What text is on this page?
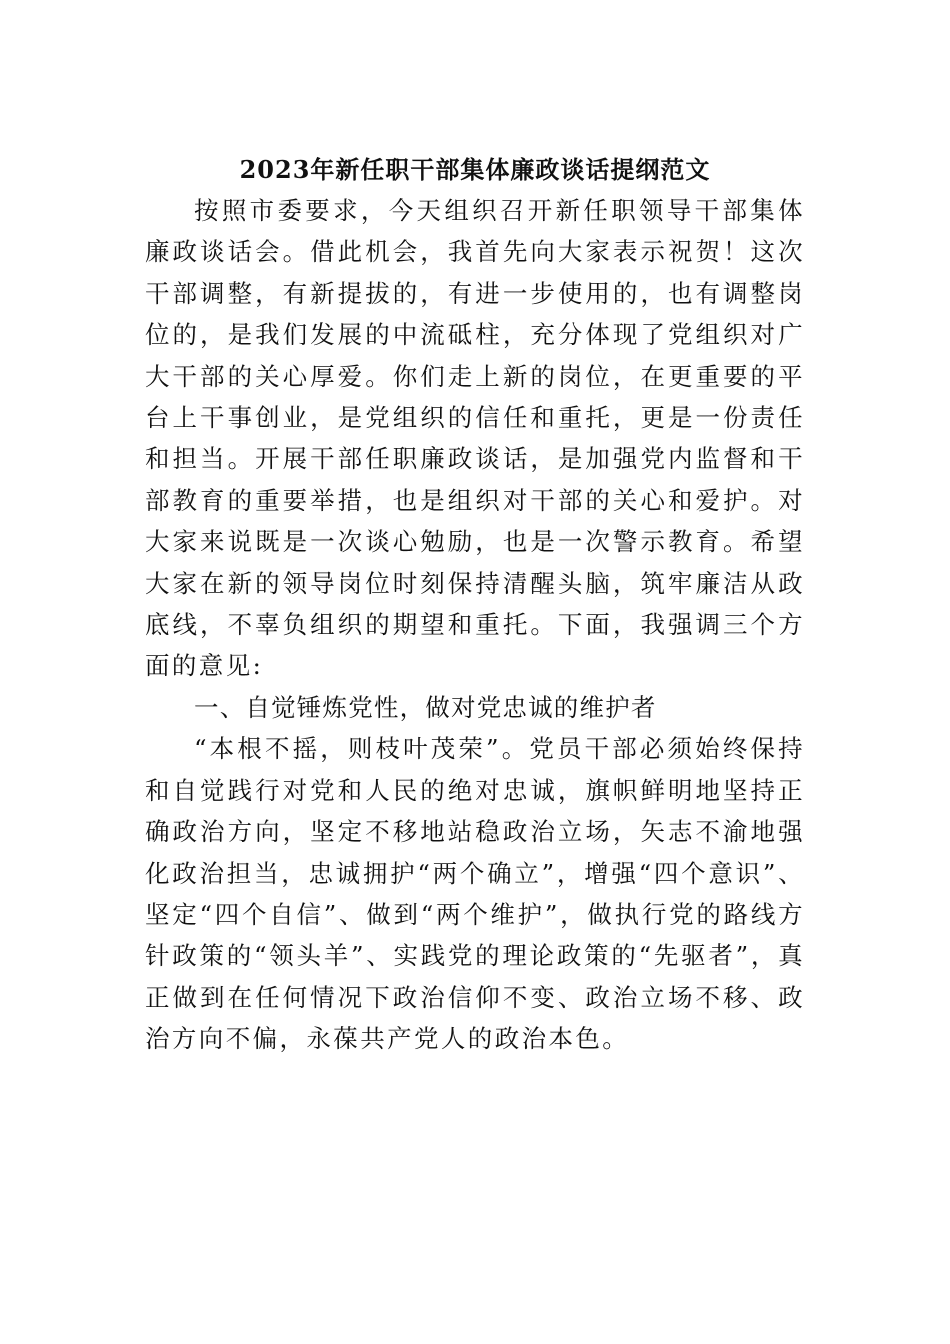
2023年新任职干部集体廉政谈话提纲范文

按照市委要求，今天组织召开新任职领导干部集体廉政谈话会。借此机会，我首先向大家表示祝贺！这次干部调整，有新提拔的，有进一步使用的，也有调整岗位的，是我们发展的中流砥柱，充分体现了党组织对广大干部的关心厚爱。你们走上新的岗位，在更重要的平台上干事创业，是党组织的信任和重托，更是一份责任和担当。开展干部任职廉政谈话，是加强党内监督和干部教育的重要举措，也是组织对干部的关心和爱护。对大家来说既是一次谈心勉励，也是一次警示教育。希望大家在新的领导岗位时刻保持清醒头脑，筑牢廉洁从政底线，不辜负组织的期望和重托。下面，我强调三个方面的意见:

一、自觉锤炼党性，做对党忠诚的维护者

“本根不摇，则枝叶茂荣”。党员干部必须始终保持和自觉践行对党和人民的绝对忠诚，旗帜鲜明地坚持正确政治方向，坚定不移地站稳政治立场，矢志不渝地强化政治担当，忠诚拥护“两个确立”，增强“四个意识”、坚定“四个自信”、做到“两个维护”，做执行党的路线方针政策的“领头羊”、实践党的理论政策的“先驱者”，真正做到在任何情况下政治信仰不变、政治立场不移、政治方向不偏，永葆共产党人的政治本色。
